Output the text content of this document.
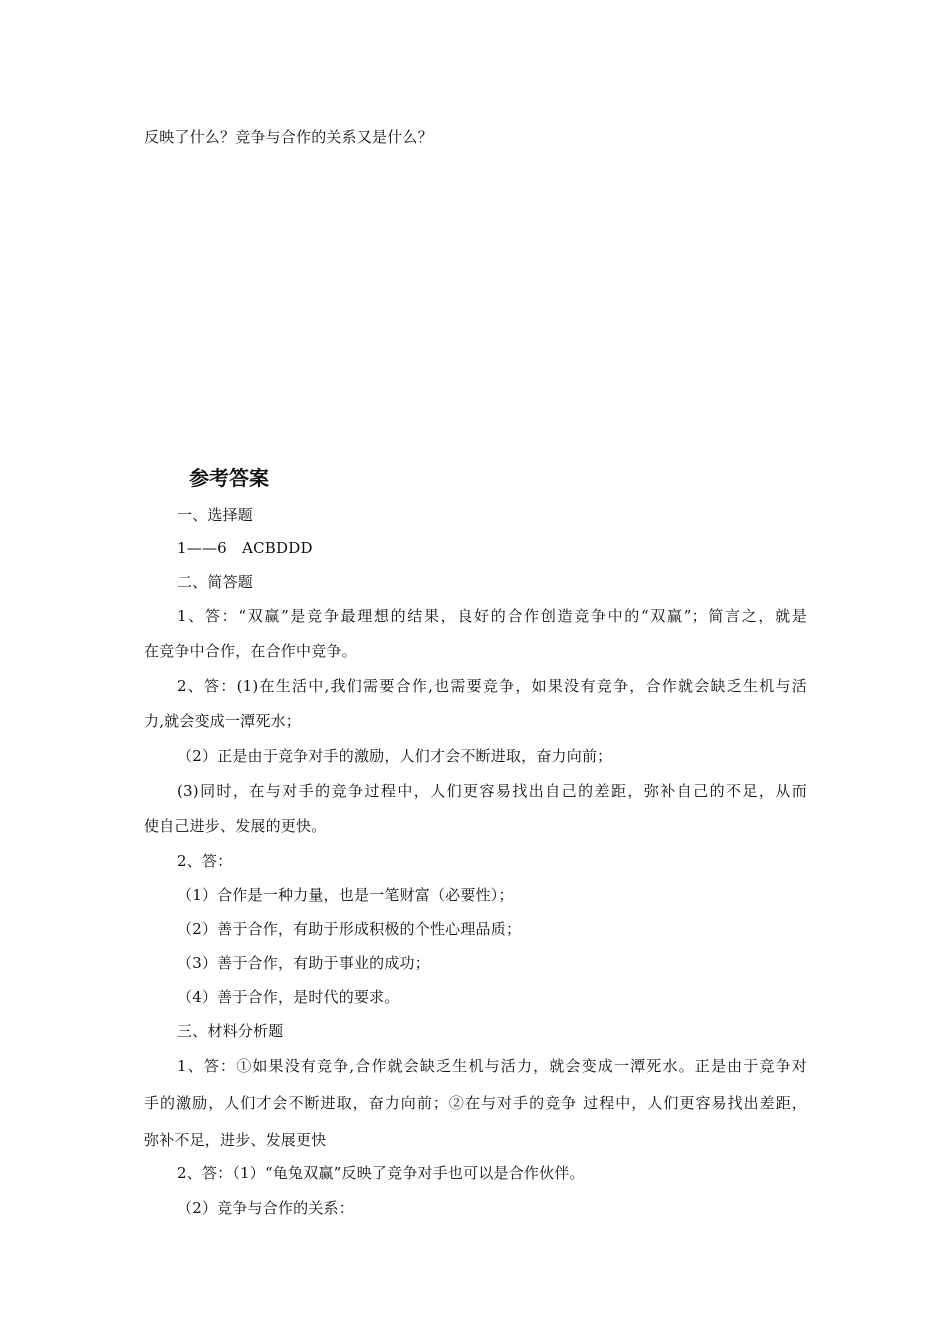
反映了什么？竞争与合作的关系又是什么？
参考答案
一、选择题
1——6　ACBDDD
二、简答题
1、答：“双赢”是竞争最理想的结果，良好的合作创造竞争中的“双赢”；简言之，就是
在竞争中合作，在合作中竞争。
2、答：(1)在生活中,我们需要合作,也需要竞争，如果没有竞争，合作就会缺乏生机与活
力,就会变成一潭死水；
（2）正是由于竞争对手的激励，人们才会不断进取，奋力向前；
(3)同时，在与对手的竞争过程中，人们更容易找出自己的差距，弥补自己的不足，从而
使自己进步、发展的更快。
2、答：
（1）合作是一种力量，也是一笔财富（必要性）；
（2）善于合作，有助于形成积极的个性心理品质；
（3）善于合作，有助于事业的成功；
（4）善于合作，是时代的要求。
三、材料分析题
1、答：①如果没有竞争,合作就会缺乏生机与活力，就会变成一潭死水。正是由于竞争对
手的激励，人们才会不断进取，奋力向前；②在与对手的竞争 过程中，人们更容易找出差距，
弥补不足，进步、发展更快
2、答：（1）“龟兔双赢”反映了竞争对手也可以是合作伙伴。
（2）竞争与合作的关系：
